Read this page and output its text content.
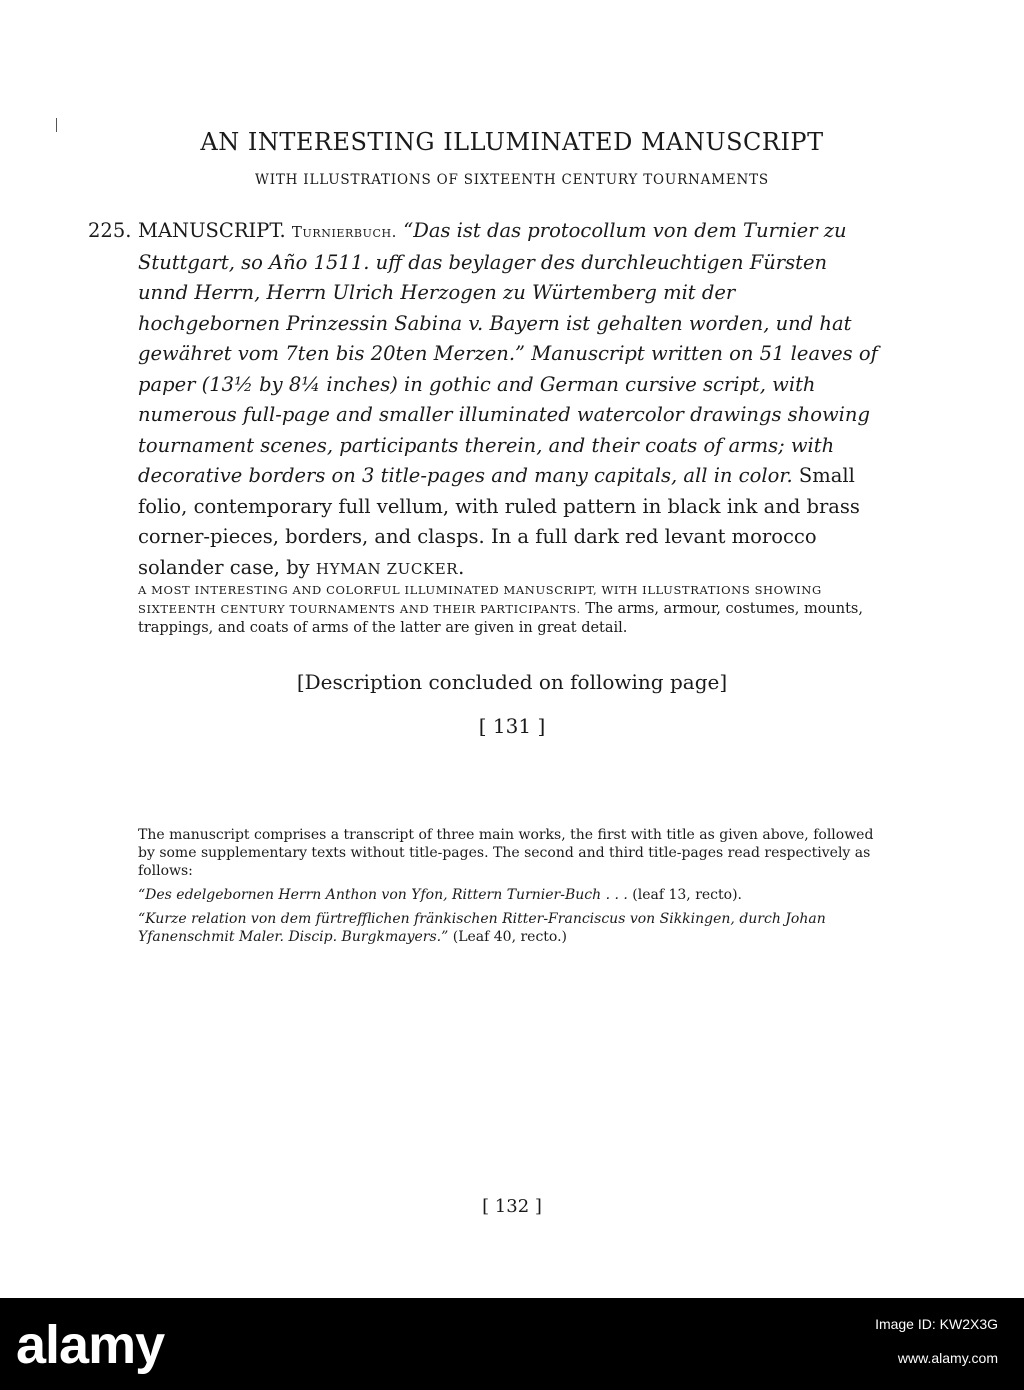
AN INTERESTING ILLUMINATED MANUSCRIPT
WITH ILLUSTRATIONS OF SIXTEENTH CENTURY TOURNAMENTS
225. MANUSCRIPT. Turnierbuch. “Das ist das protocollum von dem Turnier zu Stuttgart, so Año 1511. uff das beylager des durchleuchtigen Fürsten unnd Herrn, Herrn Ulrich Herzogen zu Würtemberg mit der hochgebornen Prinzessin Sabina v. Bayern ist gehalten worden, und hat gewähret vom 7ten bis 20ten Merzen.” Manuscript written on 51 leaves of paper (13½ by 8¼ inches) in gothic and German cursive script, with numerous full-page and smaller illuminated watercolor drawings showing tournament scenes, participants therein, and their coats of arms; with decorative borders on 3 title-pages and many capitals, all in color. Small folio, contemporary full vellum, with ruled pattern in black ink and brass corner-pieces, borders, and clasps. In a full dark red levant morocco solander case, by HYMAN ZUCKER.
A MOST INTERESTING AND COLORFUL ILLUMINATED MANUSCRIPT, WITH ILLUSTRATIONS SHOWING SIXTEENTH CENTURY TOURNAMENTS AND THEIR PARTICIPANTS. The arms, armour, costumes, mounts, trappings, and coats of arms of the latter are given in great detail.
[Description concluded on following page]
[ 131 ]

The manuscript comprises a transcript of three main works, the first with title as given above, followed by some supplementary texts without title-pages. The second and third title-pages read respectively as follows:

“Des edelgebornen Herrn Anthon von Yfon, Rittern Turnier-Buch . . . (leaf 13, recto).

“Kurze relation von dem fürtrefflichen fränkischen Ritter-Franciscus von Sikkingen, durch Johan Yfanenschmit Maler. Discip. Burgkmayers.” (Leaf 40, recto.)

[ 132 ]
alamy	Image ID: KW2X3G
www.alamy.com
